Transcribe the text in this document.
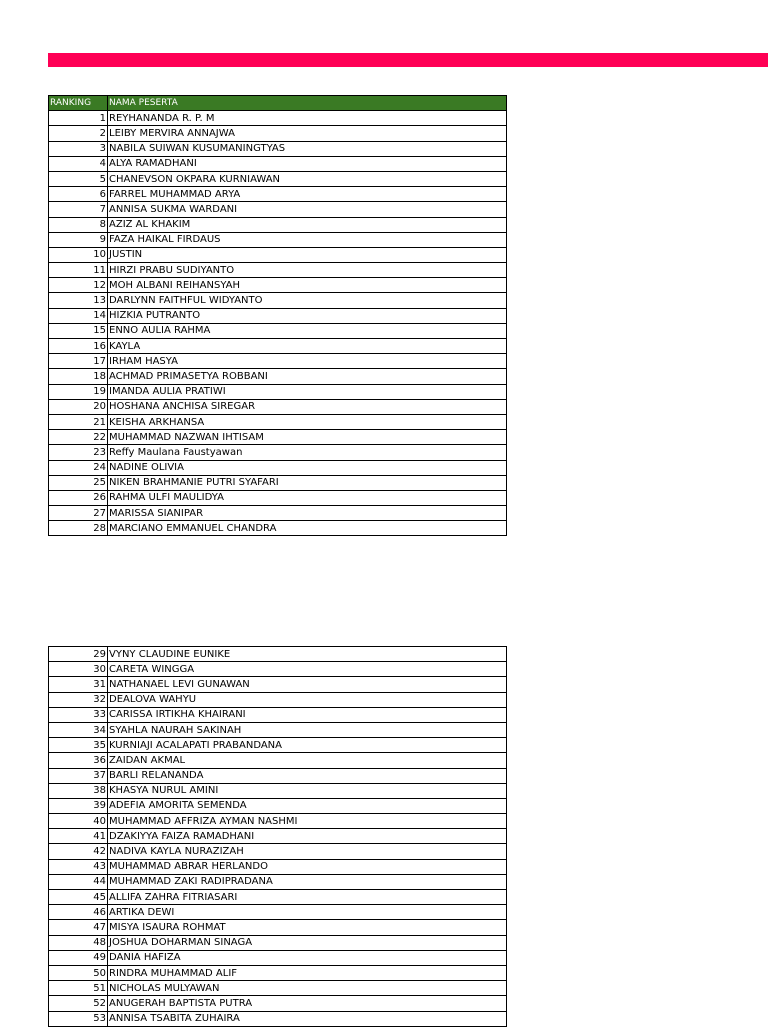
RANKING	NAMA PESERTA
1	REYHANANDA R. P. M
2	LEIBY MERVIRA ANNAJWA
3	NABILA SUIWAN KUSUMANINGTYAS
4	ALYA RAMADHANI
5	CHANEVSON OKPARA KURNIAWAN
6	FARREL MUHAMMAD ARYA
7	ANNISA SUKMA WARDANI
8	AZIZ AL KHAKIM
9	FAZA HAIKAL FIRDAUS
10	JUSTIN
11	HIRZI PRABU SUDIYANTO
12	MOH ALBANI REIHANSYAH
13	DARLYNN FAITHFUL WIDYANTO
14	HIZKIA PUTRANTO
15	ENNO AULIA RAHMA
16	KAYLA
17	IRHAM HASYA
18	ACHMAD PRIMASETYA ROBBANI
19	IMANDA AULIA PRATIWI
20	HOSHANA ANCHISA SIREGAR
21	KEISHA ARKHANSA
22	MUHAMMAD NAZWAN IHTISAM
23	Reffy Maulana Faustyawan
24	NADINE OLIVIA
25	NIKEN BRAHMANIE PUTRI SYAFARI
26	RAHMA ULFI MAULIDYA
27	MARISSA SIANIPAR
28	MARCIANO EMMANUEL CHANDRA
29	VYNY CLAUDINE EUNIKE
30	CARETA WINGGA
31	NATHANAEL LEVI GUNAWAN
32	DEALOVA WAHYU
33	CARISSA IRTIKHA KHAIRANI
34	SYAHLA NAURAH SAKINAH
35	KURNIAJI ACALAPATI PRABANDANA
36	ZAIDAN AKMAL
37	BARLI RELANANDA
38	KHASYA NURUL AMINI
39	ADEFIA AMORITA SEMENDA
40	MUHAMMAD AFFRIZA AYMAN NASHMI
41	DZAKIYYA FAIZA RAMADHANI
42	NADIVA KAYLA NURAZIZAH
43	MUHAMMAD ABRAR HERLANDO
44	MUHAMMAD ZAKI RADIPRADANA
45	ALLIFA ZAHRA FITRIASARI
46	ARTIKA DEWI
47	MISYA ISAURA ROHMAT
48	JOSHUA DOHARMAN SINAGA
49	DANIA HAFIZA
50	RINDRA MUHAMMAD ALIF
51	NICHOLAS MULYAWAN
52	ANUGERAH BAPTISTA PUTRA
53	ANNISA TSABITA ZUHAIRA
